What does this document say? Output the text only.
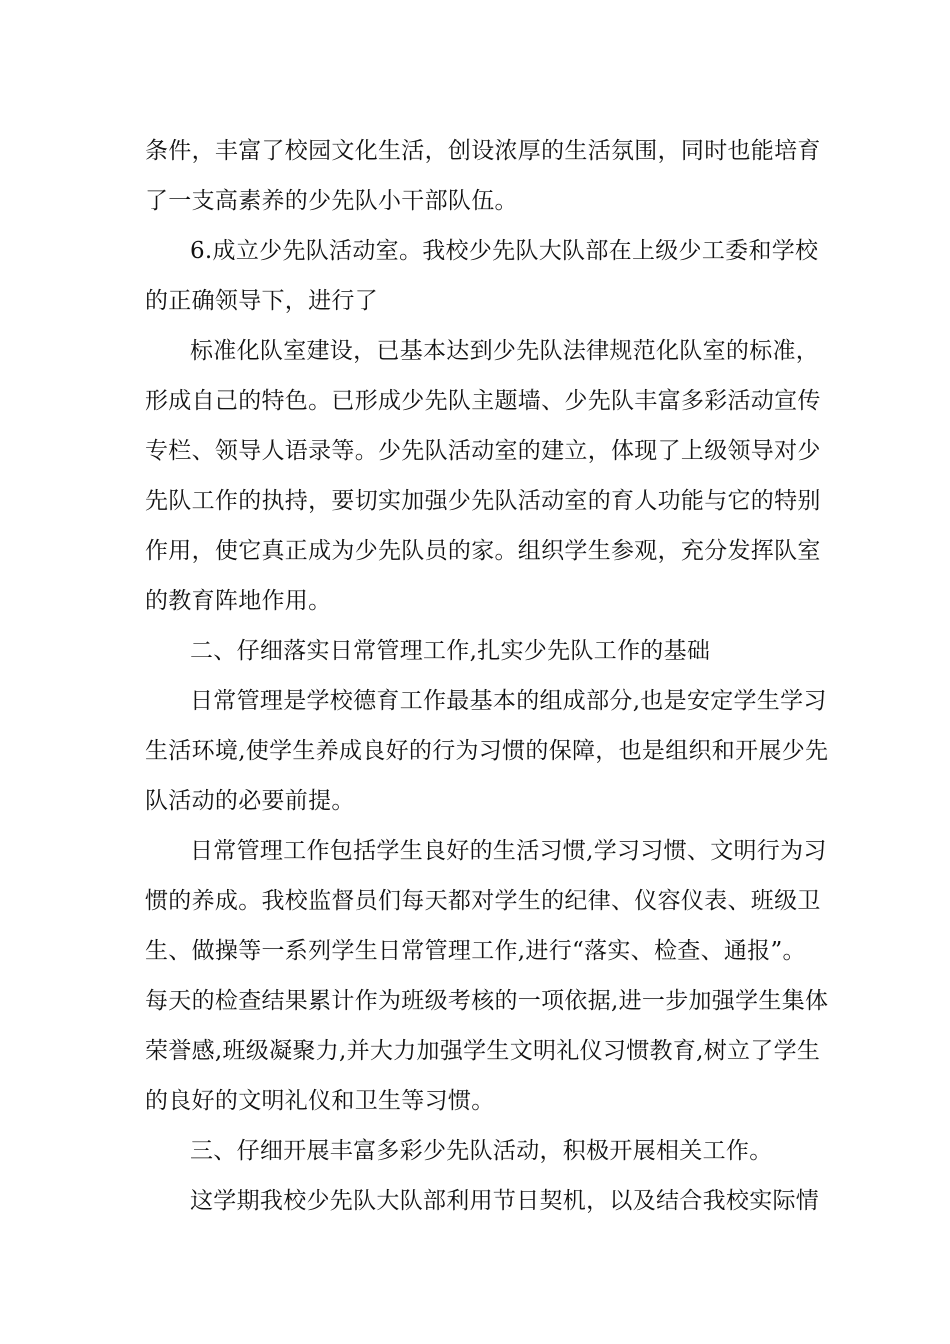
条件，丰富了校园文化生活，创设浓厚的生活氛围，同时也能培育
了一支高素养的少先队小干部队伍。
6.成立少先队活动室。我校少先队大队部在上级少工委和学校
的正确领导下，进行了
标准化队室建设，已基本达到少先队法律规范化队室的标准，
形成自己的特色。已形成少先队主题墙、少先队丰富多彩活动宣传
专栏、领导人语录等。少先队活动室的建立，体现了上级领导对少
先队工作的执持，要切实加强少先队活动室的育人功能与它的特别
作用，使它真正成为少先队员的家。组织学生参观，充分发挥队室
的教育阵地作用。
二、仔细落实日常管理工作,扎实少先队工作的基础
日常管理是学校德育工作最基本的组成部分,也是安定学生学习
生活环境,使学生养成良好的行为习惯的保障，也是组织和开展少先
队活动的必要前提。
日常管理工作包括学生良好的生活习惯,学习习惯、文明行为习
惯的养成。我校监督员们每天都对学生的纪律、仪容仪表、班级卫
生、做操等一系列学生日常管理工作,进行“落实、检查、通报”。
每天的检查结果累计作为班级考核的一项依据,进一步加强学生集体
荣誉感,班级凝聚力,并大力加强学生文明礼仪习惯教育,树立了学生
的良好的文明礼仪和卫生等习惯。
三、仔细开展丰富多彩少先队活动，积极开展相关工作。
这学期我校少先队大队部利用节日契机，以及结合我校实际情
